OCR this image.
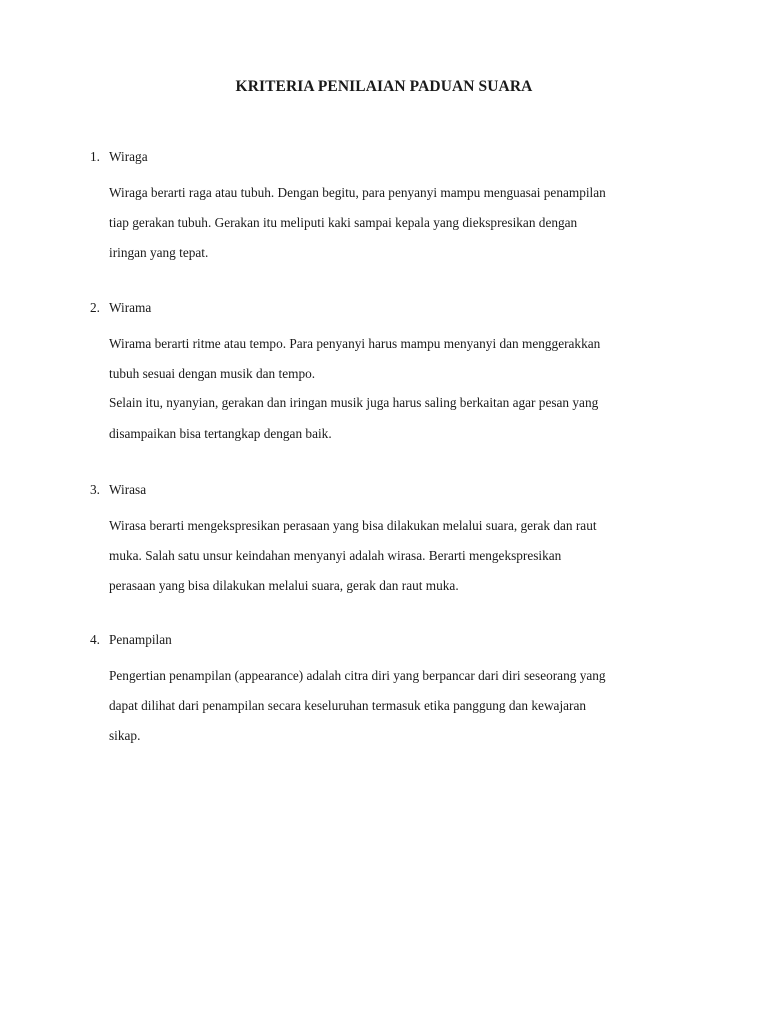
KRITERIA PENILAIAN PADUAN SUARA
1. Wiraga
Wiraga berarti raga atau tubuh. Dengan begitu, para penyanyi mampu menguasai penampilan
tiap gerakan tubuh. Gerakan itu meliputi kaki sampai kepala yang diekspresikan dengan
iringan yang tepat.
2. Wirama
Wirama berarti ritme atau tempo. Para penyanyi harus mampu menyanyi dan menggerakkan
tubuh sesuai dengan musik dan tempo.
Selain itu, nyanyian, gerakan dan iringan musik juga harus saling berkaitan agar pesan yang
disampaikan bisa tertangkap dengan baik.
3. Wirasa
Wirasa berarti mengekspresikan perasaan yang bisa dilakukan melalui suara, gerak dan raut
muka. Salah satu unsur keindahan menyanyi adalah wirasa. Berarti mengekspresikan
perasaan yang bisa dilakukan melalui suara, gerak dan raut muka.
4. Penampilan
Pengertian penampilan (appearance) adalah citra diri yang berpancar dari diri seseorang yang
dapat dilihat dari penampilan secara keseluruhan termasuk etika panggung dan kewajaran
sikap.
